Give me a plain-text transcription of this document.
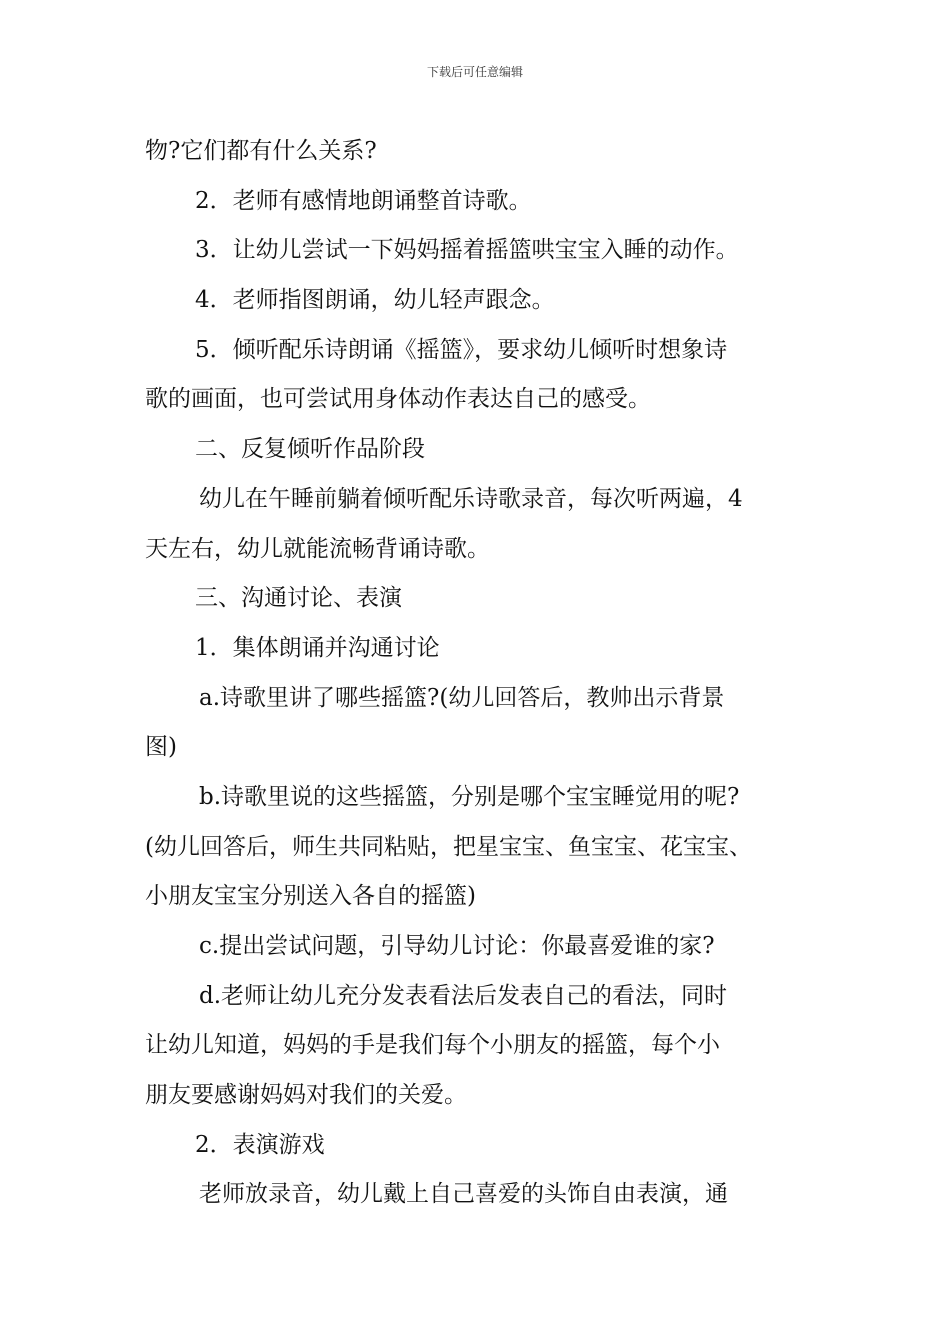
下载后可任意编辑
物?它们都有什么关系?
2．老师有感情地朗诵整首诗歌。
3．让幼儿尝试一下妈妈摇着摇篮哄宝宝入睡的动作。
4．老师指图朗诵，幼儿轻声跟念。
5．倾听配乐诗朗诵《摇篮》，要求幼儿倾听时想象诗
歌的画面，也可尝试用身体动作表达自己的感受。
二、反复倾听作品阶段
幼儿在午睡前躺着倾听配乐诗歌录音，每次听两遍，4
天左右，幼儿就能流畅背诵诗歌。
三、沟通讨论、表演
1．集体朗诵并沟通讨论
a.诗歌里讲了哪些摇篮?(幼儿回答后，教帅出示背景
图)
b.诗歌里说的这些摇篮，分别是哪个宝宝睡觉用的呢?
(幼儿回答后，师生共同粘贴，把星宝宝、鱼宝宝、花宝宝、
小朋友宝宝分别送入各自的摇篮)
c.提出尝试问题，引导幼儿讨论：你最喜爱谁的家?
d.老师让幼儿充分发表看法后发表自己的看法，同时
让幼儿知道，妈妈的手是我们每个小朋友的摇篮，每个小
朋友要感谢妈妈对我们的关爱。
2．表演游戏
老师放录音，幼儿戴上自己喜爱的头饰自由表演，通
